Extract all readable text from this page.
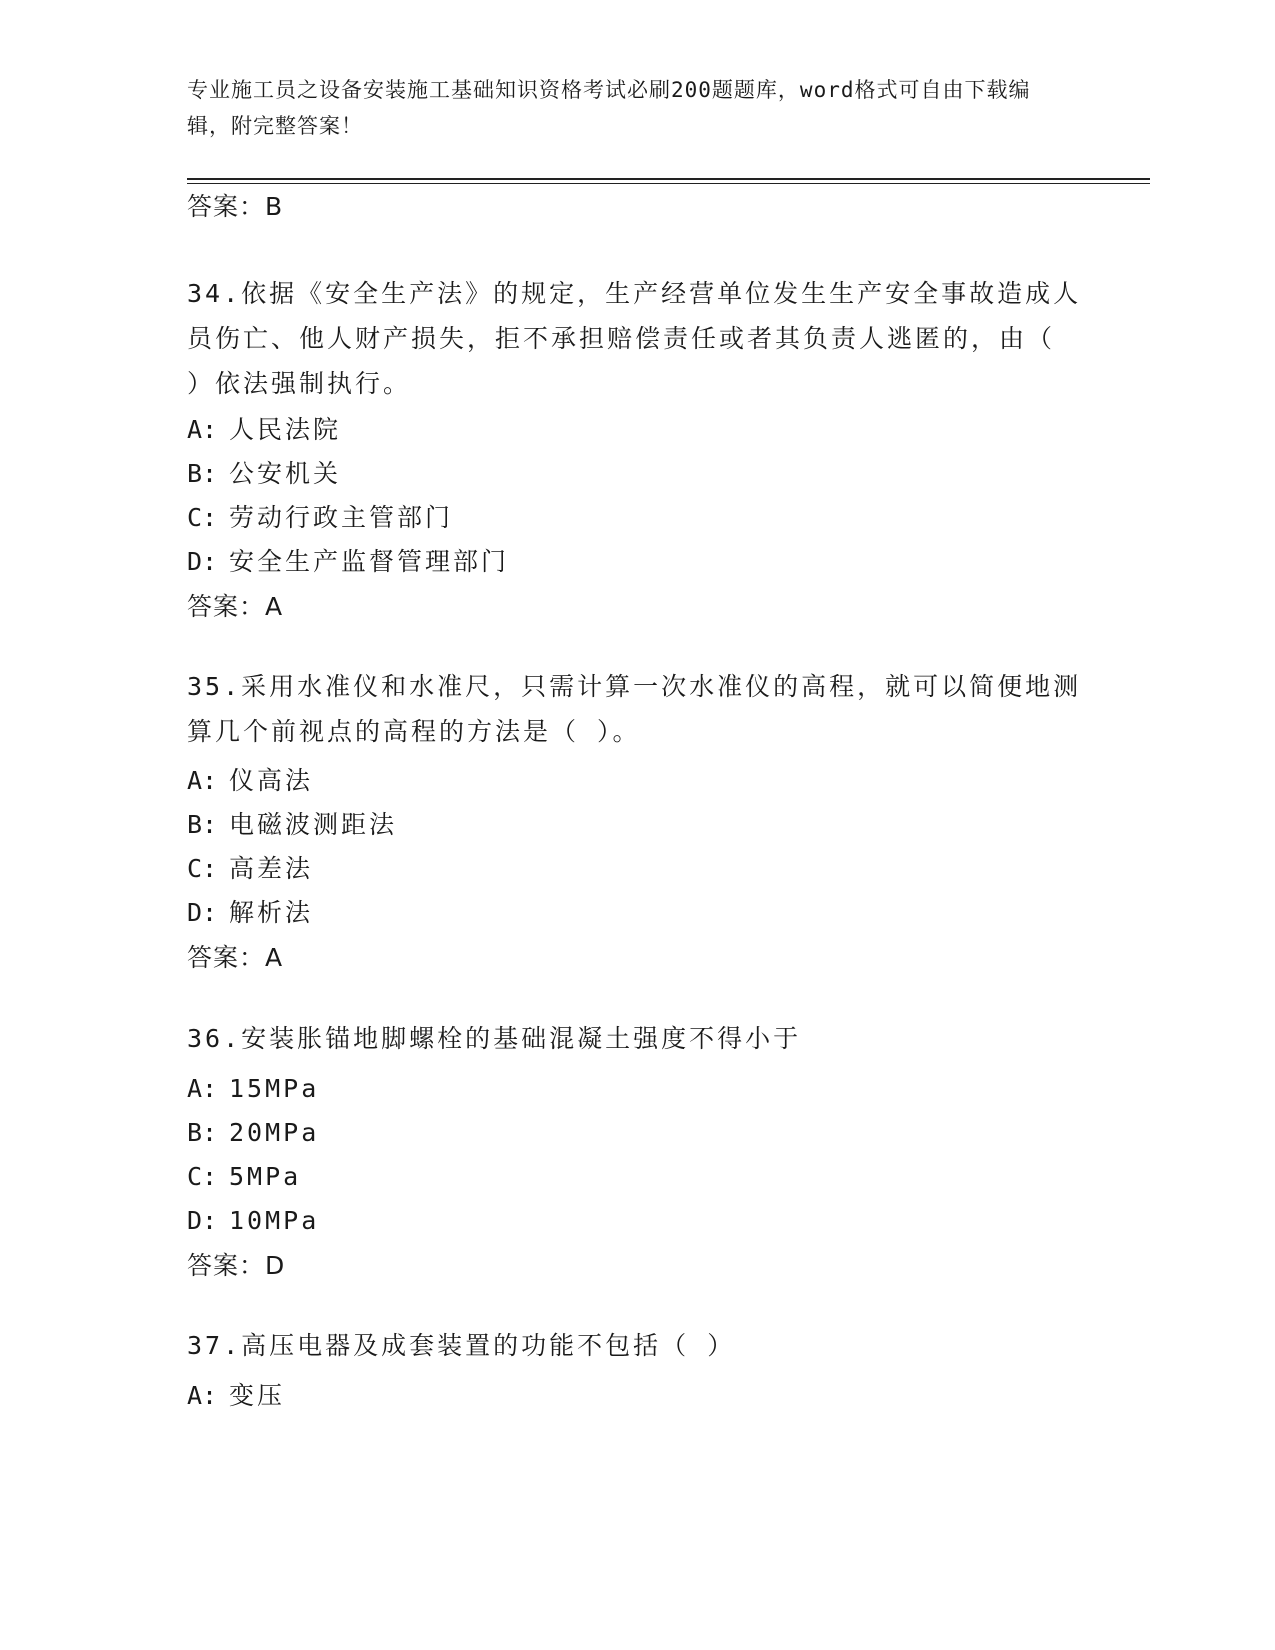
专业施工员之设备安装施工基础知识资格考试必刷200题题库，word格式可自由下载编辑，附完整答案！
答案：B
34.依据《安全生产法》的规定，生产经营单位发生生产安全事故造成人员伤亡、他人财产损失，拒不承担赔偿责任或者其负责人逃匿的，由（ ）依法强制执行。
A: 人民法院
B: 公安机关
C: 劳动行政主管部门
D: 安全生产监督管理部门
答案：A
35.采用水准仪和水准尺，只需计算一次水准仪的高程，就可以简便地测算几个前视点的高程的方法是（ ）。
A: 仪高法
B: 电磁波测距法
C: 高差法
D: 解析法
答案：A
36.安装胀锚地脚螺栓的基础混凝土强度不得小于
A: 15MPa
B: 20MPa
C: 5MPa
D: 10MPa
答案：D
37.高压电器及成套装置的功能不包括（ ）
A: 变压
